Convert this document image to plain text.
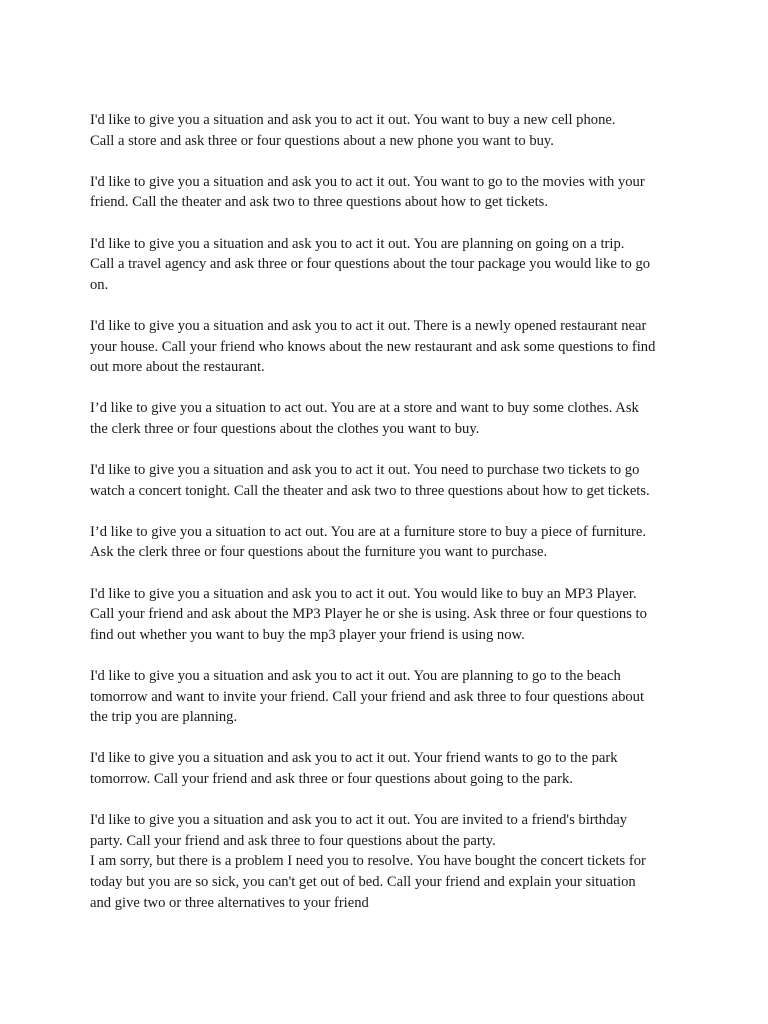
I'd like to give you a situation and ask you to act it out. You want to buy a new cell phone.
Call a store and ask three or four questions about a new phone you want to buy.

I'd like to give you a situation and ask you to act it out. You want to go to the movies with your
friend. Call the theater and ask two to three questions about how to get tickets.

I'd like to give you a situation and ask you to act it out. You are planning on going on a trip.
Call a travel agency and ask three or four questions about the tour package you would like to go
on.

I'd like to give you a situation and ask you to act it out. There is a newly opened restaurant near
your house. Call your friend who knows about the new restaurant and ask some questions to find
out more about the restaurant.

I’d like to give you a situation to act out. You are at a store and want to buy some clothes. Ask
the clerk three or four questions about the clothes you want to buy.

I'd like to give you a situation and ask you to act it out. You need to purchase two tickets to go
watch a concert tonight. Call the theater and ask two to three questions about how to get tickets.

I’d like to give you a situation to act out. You are at a furniture store to buy a piece of furniture.
Ask the clerk three or four questions about the furniture you want to purchase.

I'd like to give you a situation and ask you to act it out. You would like to buy an MP3 Player.
Call your friend and ask about the MP3 Player he or she is using. Ask three or four questions to
find out whether you want to buy the mp3 player your friend is using now.

I'd like to give you a situation and ask you to act it out. You are planning to go to the beach
tomorrow and want to invite your friend. Call your friend and ask three to four questions about
the trip you are planning.

I'd like to give you a situation and ask you to act it out. Your friend wants to go to the park
tomorrow. Call your friend and ask three or four questions about going to the park.

I'd like to give you a situation and ask you to act it out. You are invited to a friend's birthday
party. Call your friend and ask three to four questions about the party.

I am sorry, but there is a problem I need you to resolve. You have bought the concert tickets for
today but you are so sick, you can't get out of bed. Call your friend and explain your situation
and give two or three alternatives to your friend
